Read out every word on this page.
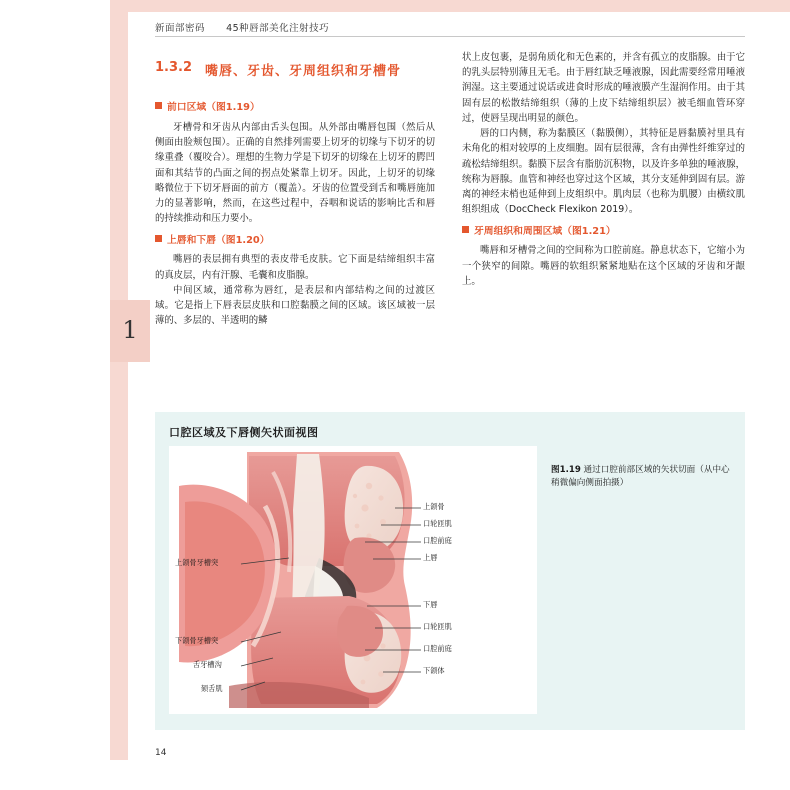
新面部密码 45种唇部美化注射技巧
1.3.2 嘴唇、牙齿、牙周组织和牙槽骨
1
前口区域（图1.19）

牙槽骨和牙齿从内部由舌头包围。从外部由嘴唇包围（然后从侧面由脸颊包围）。正确的自然排列需要上切牙的切缘与下切牙的切缘重叠（覆咬合）。理想的生物力学是下切牙的切缘在上切牙的腭凹面和其结节的凸面之间的拐点处紧靠上切牙。因此，上切牙的切缘略微位于下切牙唇面的前方（覆盖）。牙齿的位置受到舌和嘴唇施加力的显著影响，然而，在这些过程中，吞咽和说话的影响比舌和唇的持续推动和压力要小。

上唇和下唇（图1.20）

嘴唇的表层拥有典型的表皮带毛皮肤。它下面是结缔组织丰富的真皮层，内有汗腺、毛囊和皮脂腺。

中间区域，通常称为唇红，是表层和内部结构之间的过渡区域。它是指上下唇表层皮肤和口腔黏膜之间的区域。该区域被一层薄的、多层的、半透明的鳞

状上皮包裹，是弱角质化和无色素的，并含有孤立的皮脂腺。由于它的乳头层特别薄且无毛。由于唇红缺乏唾液腺，因此需要经常用唾液润湿。这主要通过说话或进食时形成的唾液膜产生湿润作用。由于其固有层的松散结缔组织（薄的上皮下结缔组织层）被毛细血管环穿过，使唇呈现出明显的颜色。

唇的口内侧，称为黏膜区（黏膜侧），其特征是唇黏膜衬里具有未角化的相对较厚的上皮细胞。固有层很薄，含有由弹性纤维穿过的疏松结缔组织。黏膜下层含有脂肪沉积物，以及许多单独的唾液腺，统称为唇腺。血管和神经也穿过这个区域，其分支延伸到固有层。游离的神经末梢也延伸到上皮组织中。肌肉层（也称为肌腰）由横纹肌组织组成（DocCheck Flexikon 2019）。

牙周组织和周围区域（图1.21）

嘴唇和牙槽骨之间的空间称为口腔前庭。静息状态下，它缩小为一个狭窄的间隙。嘴唇的软组织紧紧地贴在这个区域的牙齿和牙龈上。

口腔区域及下唇侧矢状面视图
上颌骨
口轮匝肌
口腔前庭
上唇
下唇
口轮匝肌
口腔前庭
下颌体
上颌骨牙槽突
下颌骨牙槽突
舌牙槽沟
颏舌肌
图1.19 通过口腔前部区域的矢状切面（从中心稍微偏向侧面拍摄）
14
